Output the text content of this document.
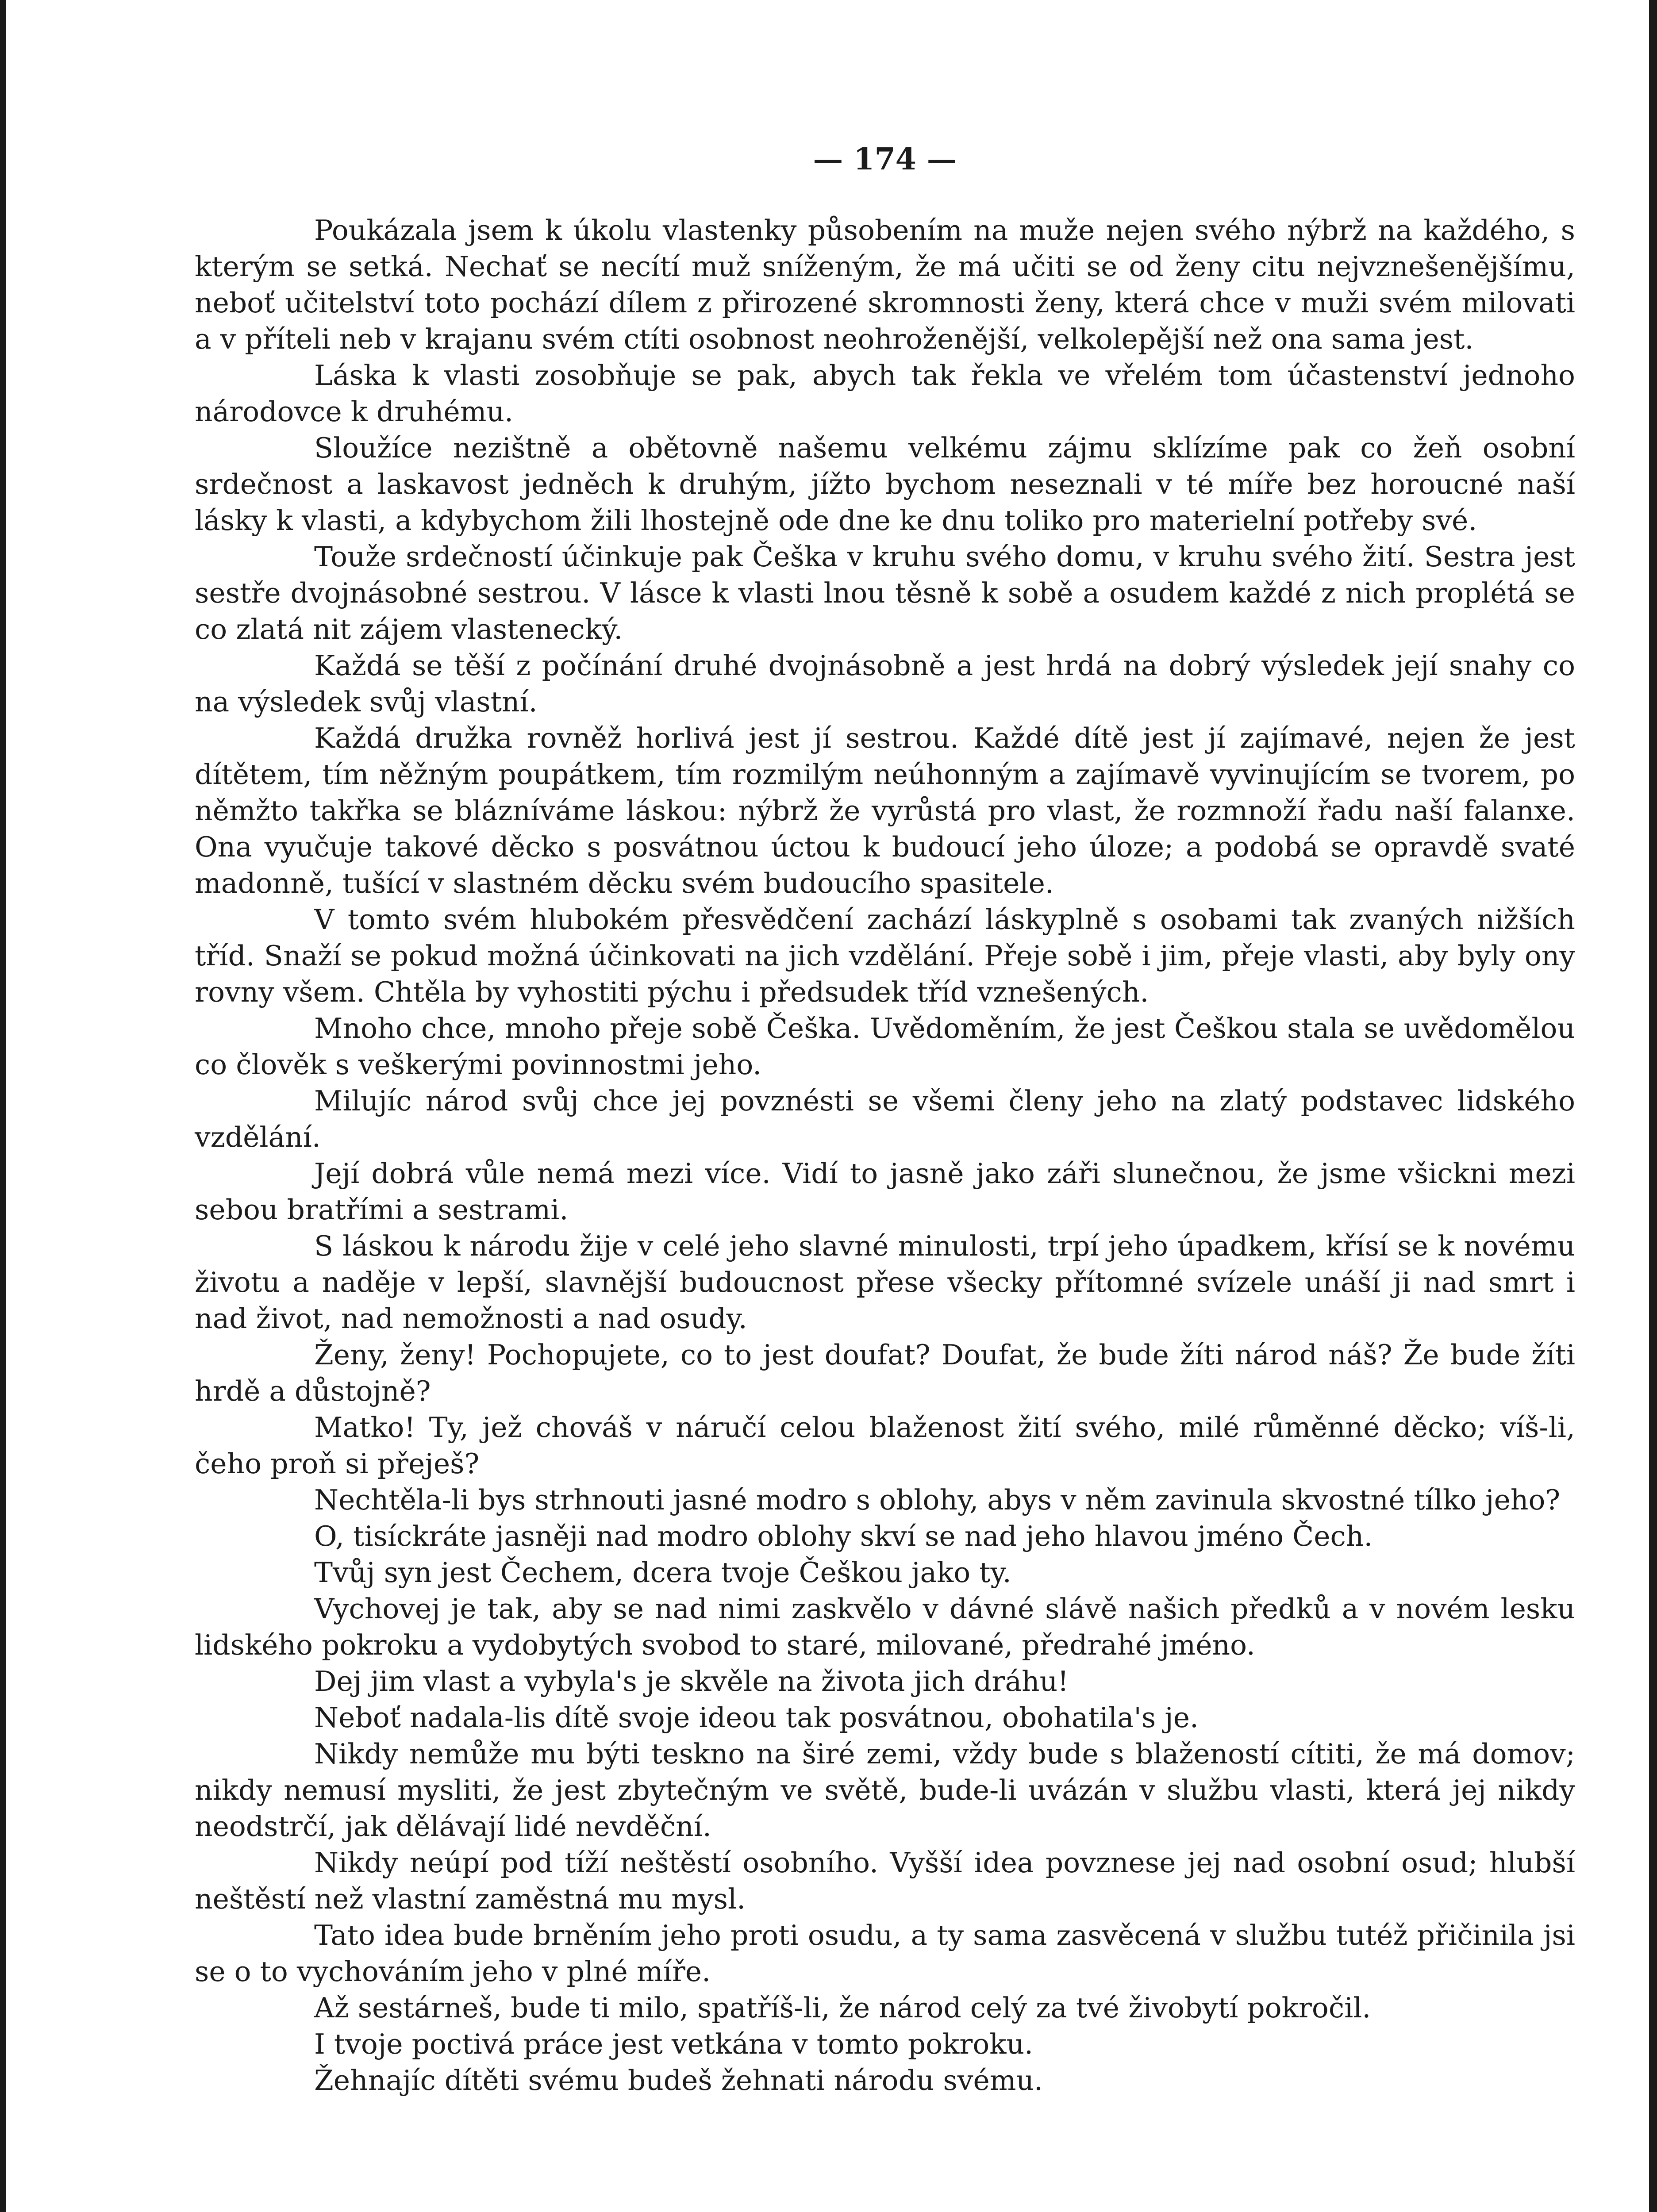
— 174 —

Poukázala jsem k úkolu vlastenky působením na muže nejen svého nýbrž na každého, s kterým se setká. Nechať se necítí muž sníženým, že má učiti se od ženy citu nejvznešenějšímu, neboť učitelství toto pochází dílem z přirozené skromnosti ženy, která chce v muži svém milovati a v příteli neb v krajanu svém ctíti osobnost neohroženější, velkolepější než ona sama jest.

Láska k vlasti zosobňuje se pak, abych tak řekla ve vřelém tom účastenství jednoho národovce k druhému.

Sloužíce nezištně a obětovně našemu velkému zájmu sklízíme pak co žeň osobní srdečnost a laskavost jedněch k druhým, jížto bychom neseznali v té míře bez horoucné naší lásky k vlasti, a kdybychom žili lhostejně ode dne ke dnu toliko pro materielní potřeby své.

Touže srdečností účinkuje pak Češka v kruhu svého domu, v kruhu svého žití. Sestra jest sestře dvojnásobné sestrou. V lásce k vlasti lnou těsně k sobě a osudem každé z nich proplétá se co zlatá nit zájem vlastenecký.

Každá se těší z počínání druhé dvojnásobně a jest hrdá na dobrý výsledek její snahy co na výsledek svůj vlastní.

Každá družka rovněž horlivá jest jí sestrou. Každé dítě jest jí zajímavé, nejen že jest dítětem, tím něžným poupátkem, tím rozmilým neúhonným a zajímavě vyvinujícím se tvorem, po němžto takřka se blázníváme láskou: nýbrž že vyrůstá pro vlast, že rozmnoží řadu naší falanxe. Ona vyučuje takové děcko s posvátnou úctou k budoucí jeho úloze; a podobá se opravdě svaté madonně, tušící v slastném děcku svém budoucího spasitele.

V tomto svém hlubokém přesvědčení zachází láskyplně s osobami tak zvaných nižších tříd. Snaží se pokud možná účinkovati na jich vzdělání. Přeje sobě i jim, přeje vlasti, aby byly ony rovny všem. Chtěla by vyhostiti pýchu i předsudek tříd vznešených.

Mnoho chce, mnoho přeje sobě Češka. Uvědoměním, že jest Češkou stala se uvědomělou co člověk s veškerými povinnostmi jeho.

Milujíc národ svůj chce jej povznésti se všemi členy jeho na zlatý podstavec lidského vzdělání.

Její dobrá vůle nemá mezi více. Vidí to jasně jako záři slunečnou, že jsme všickni mezi sebou bratřími a sestrami.

S láskou k národu žije v celé jeho slavné minulosti, trpí jeho úpadkem, křísí se k novému životu a naděje v lepší, slavnější budoucnost přese všecky přítomné svízele unáší ji nad smrt i nad život, nad nemožnosti a nad osudy.

Ženy, ženy! Pochopujete, co to jest doufat? Doufat, že bude žíti národ náš? Že bude žíti hrdě a důstojně?

Matko! Ty, jež chováš v náručí celou blaženost žití svého, milé růměnné děcko; víš-li, čeho proň si přeješ?

Nechtěla-li bys strhnouti jasné modro s oblohy, abys v něm zavinula skvostné tílko jeho?

O, tisíckráte jasněji nad modro oblohy skví se nad jeho hlavou jméno Čech.

Tvůj syn jest Čechem, dcera tvoje Češkou jako ty.

Vychovej je tak, aby se nad nimi zaskvělo v dávné slávě našich předků a v novém lesku lidského pokroku a vydobytých svobod to staré, milované, předrahé jméno.

Dej jim vlast a vybyla's je skvěle na života jich dráhu!

Neboť nadala-lis dítě svoje ideou tak posvátnou, obohatila's je.

Nikdy nemůže mu býti teskno na širé zemi, vždy bude s blažeností cítiti, že má domov; nikdy nemusí mysliti, že jest zbytečným ve světě, bude-li uvázán v službu vlasti, která jej nikdy neodstrčí, jak dělávají lidé nevděční.

Nikdy neúpí pod tíží neštěstí osobního. Vyšší idea povznese jej nad osobní osud; hlubší neštěstí než vlastní zaměstná mu mysl.

Tato idea bude brněním jeho proti osudu, a ty sama zasvěcená v službu tutéž přičinila jsi se o to vychováním jeho v plné míře.

Až sestárneš, bude ti milo, spatříš-li, že národ celý za tvé živobytí pokročil.

I tvoje poctivá práce jest vetkána v tomto pokroku.

Žehnajíc dítěti svému budeš žehnati národu svému.
